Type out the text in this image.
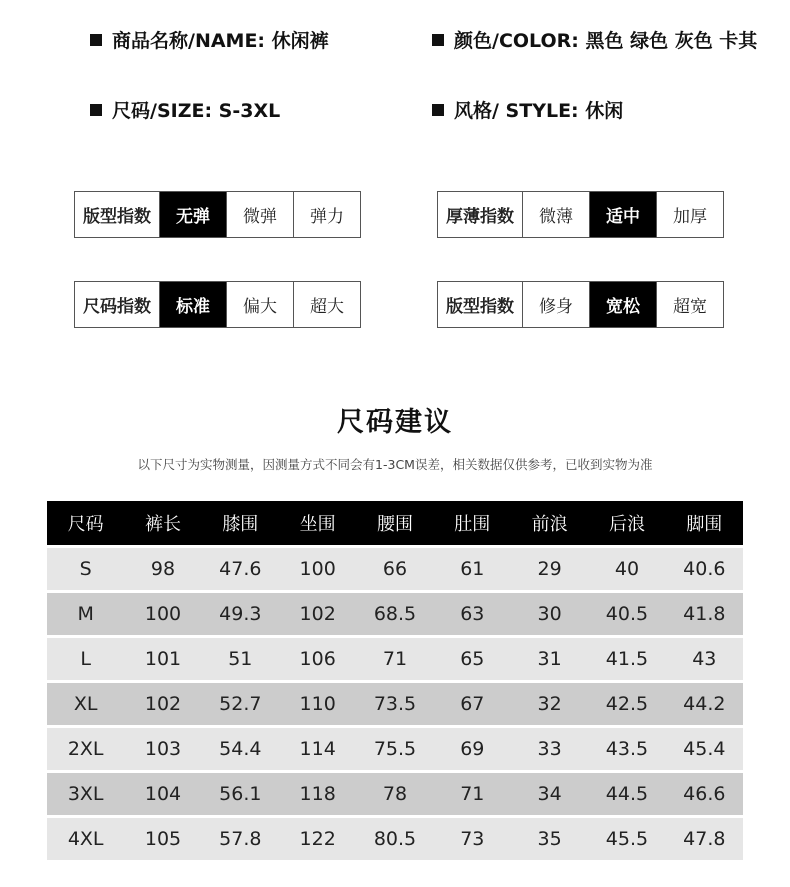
商品名称/NAME: 休闲裤	颜色/COLOR: 黑色 绿色 灰色 卡其
尺码/SIZE: S-3XL	风格/ STYLE: 休闲
版型指数	无弹	微弹	弹力	厚薄指数	微薄	适中	加厚
尺码指数	标准	偏大	超大	版型指数	修身	宽松	超宽
尺码建议
以下尺寸为实物测量，因测量方式不同会有1-3CM误差，相关数据仅供参考，已收到实物为准
尺码	裤长	膝围	坐围	腰围	肚围	前浪	后浪	脚围
S	98	47.6	100	66	61	29	40	40.6
M	100	49.3	102	68.5	63	30	40.5	41.8
L	101	51	106	71	65	31	41.5	43
XL	102	52.7	110	73.5	67	32	42.5	44.2
2XL	103	54.4	114	75.5	69	33	43.5	45.4
3XL	104	56.1	118	78	71	34	44.5	46.6
4XL	105	57.8	122	80.5	73	35	45.5	47.8
